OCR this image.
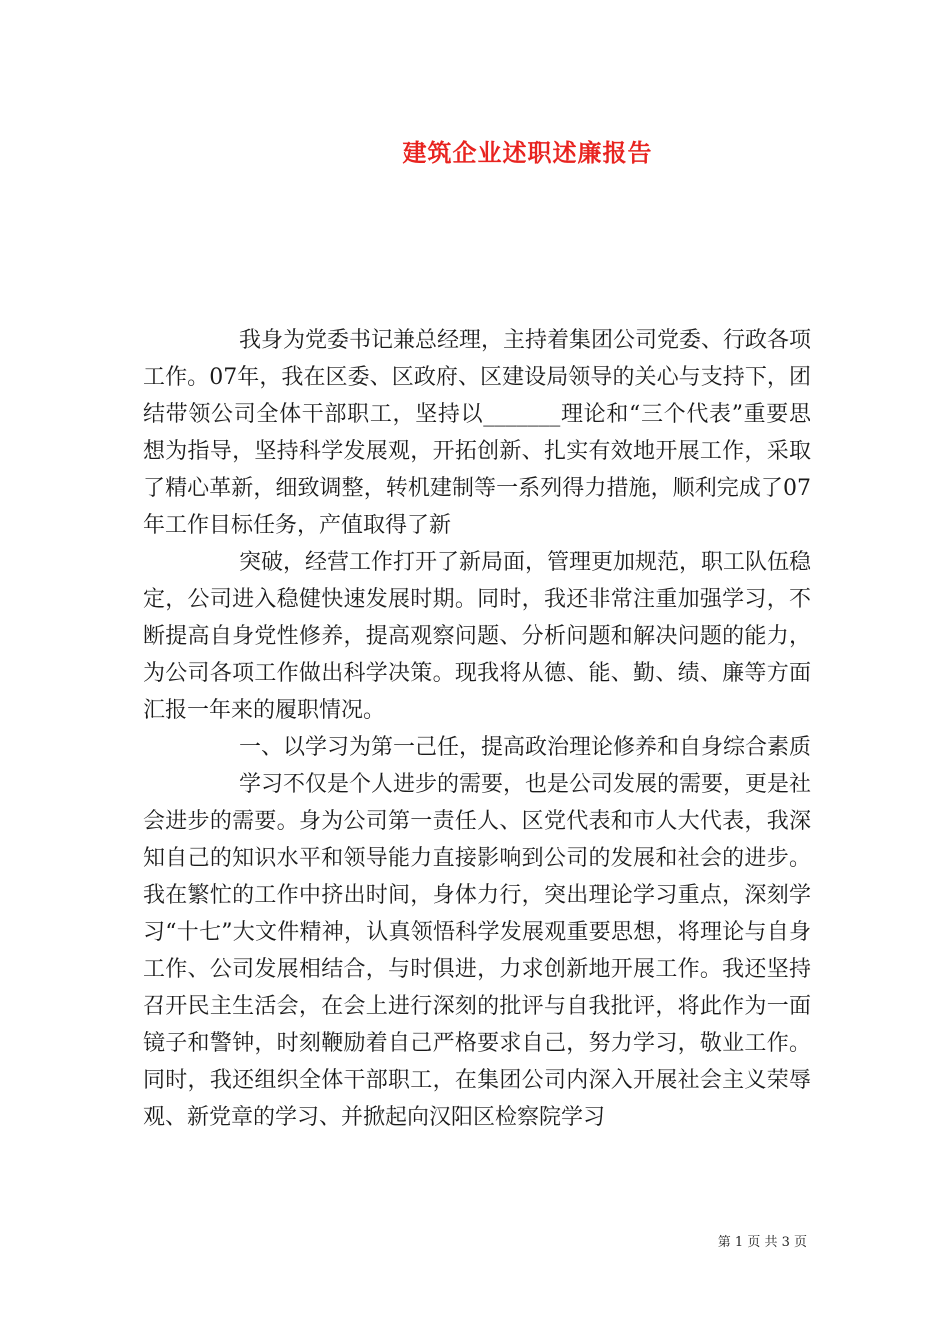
建筑企业述职述廉报告

我身为党委书记兼总经理，主持着集团公司党委、行政各项工作。07年，我在区委、区政府、区建设局领导的关心与支持下，团结带领公司全体干部职工，坚持以_______理论和“三个代表”重要思想为指导，坚持科学发展观，开拓创新、扎实有效地开展工作，采取了精心革新，细致调整，转机建制等一系列得力措施，顺利完成了07年工作目标任务，产值取得了新

突破，经营工作打开了新局面，管理更加规范，职工队伍稳定，公司进入稳健快速发展时期。同时，我还非常注重加强学习，不断提高自身党性修养，提高观察问题、分析问题和解决问题的能力，为公司各项工作做出科学决策。现我将从德、能、勤、绩、廉等方面汇报一年来的履职情况。

一、以学习为第一己任，提高政治理论修养和自身综合素质

学习不仅是个人进步的需要，也是公司发展的需要，更是社会进步的需要。身为公司第一责任人、区党代表和市人大代表，我深知自己的知识水平和领导能力直接影响到公司的发展和社会的进步。我在繁忙的工作中挤出时间，身体力行，突出理论学习重点，深刻学习“十七”大文件精神，认真领悟科学发展观重要思想，将理论与自身工作、公司发展相结合，与时俱进，力求创新地开展工作。我还坚持召开民主生活会，在会上进行深刻的批评与自我批评，将此作为一面镜子和警钟，时刻鞭励着自己严格要求自己，努力学习，敬业工作。同时，我还组织全体干部职工，在集团公司内深入开展社会主义荣辱观、新党章的学习、并掀起向汉阳区检察院学习

第 1 页 共 3 页
